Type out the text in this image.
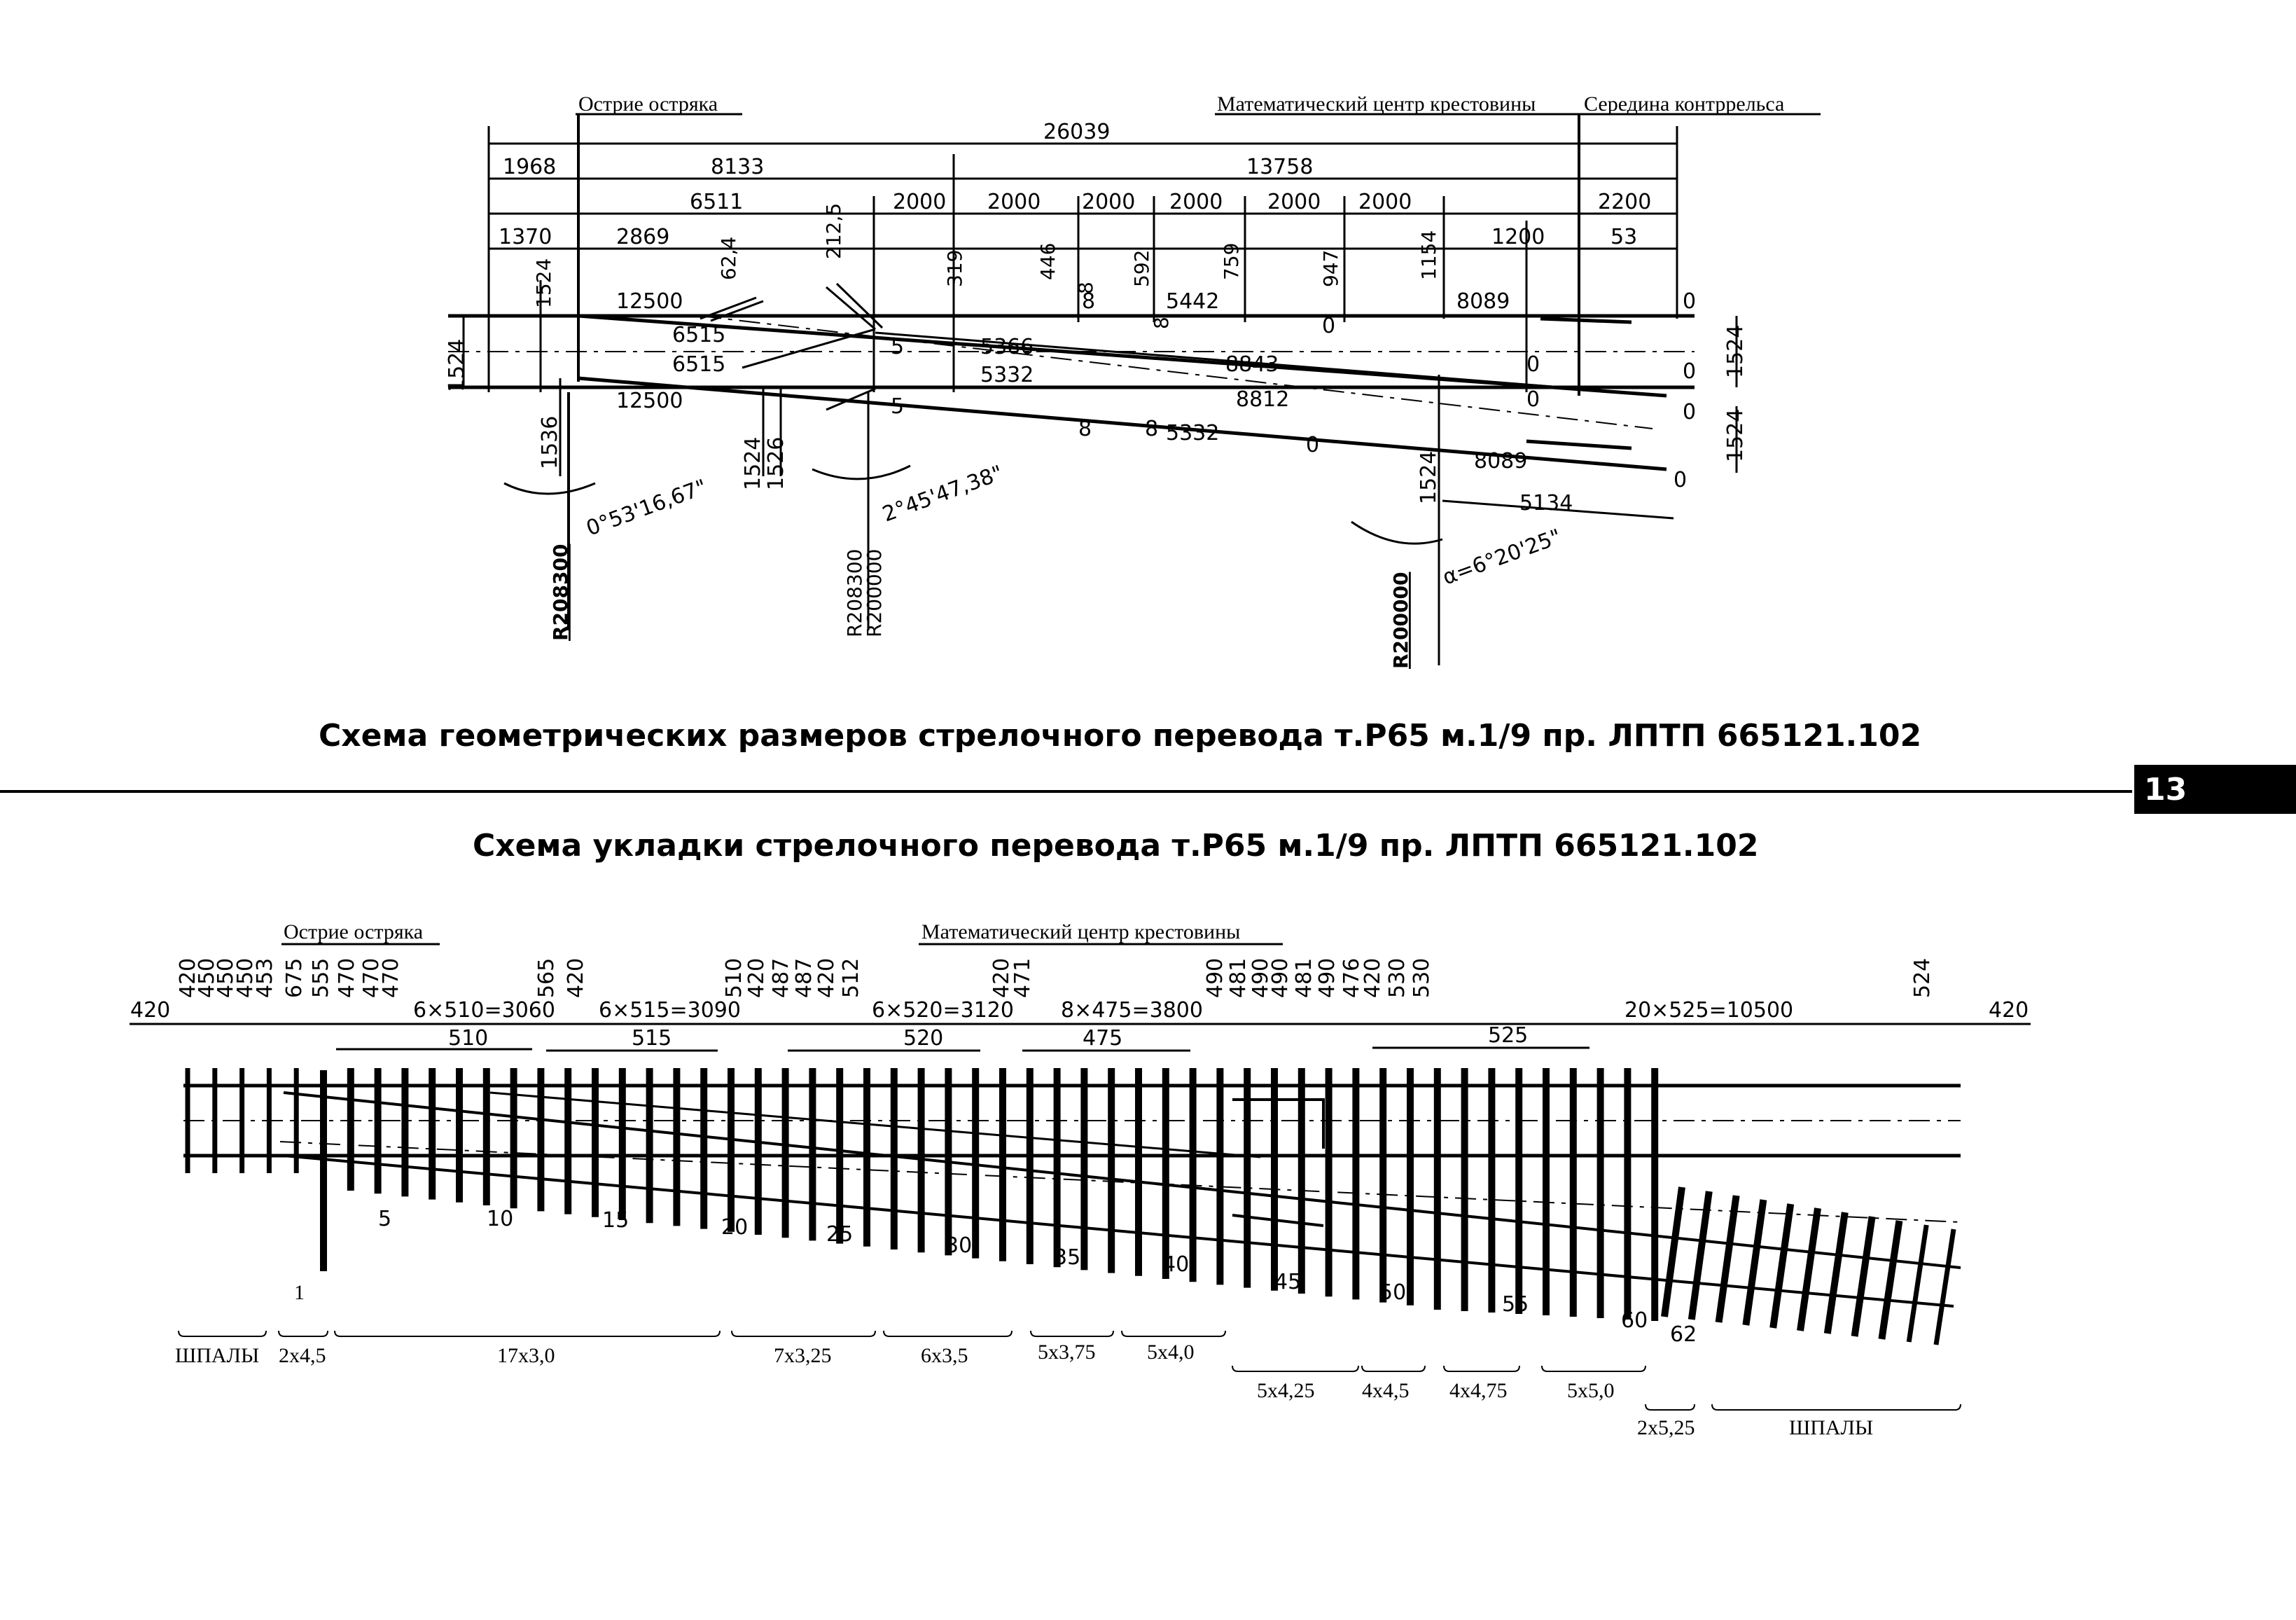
Острие остряка	Математический центр крестовины Середина контррельса
26039
1968	8133	13758
6511	2000 2000 2000 2000 2000 2000	2200
1370	2869	1200	53
1524	62,4	212,5
319	446
8
592	759	947	1154
8
12500
6515
6515
12500
5442
5366
5332	8843
8812
5332
8089
8089
5134
8
8	8
5
5
0
0
0	0
0
0
0
0
1524	1524
1524
1524
1536	1526	1524
0°53'16,67"	2°45'47,38"
α=6°20'25"
R208300	R208300
R200000	R200000
Схема геометрических размеров стрелочного перевода т.Р65 м.1/9 пр. ЛПТП 665121.102
13
Схема укладки стрелочного перевода т.Р65 м.1/9 пр. ЛПТП 665121.102
Острие остряка	Математический центр крестовины
420
450
450
450
453 675 555 470 470
470	565 420	510
420 487
487
420 512	420
471	490
481
490
490 481
490 476
420 530 530	524
420	420
6×510=3060 6×515=3090	6×520=3120 8×475=3800	20×525=10500
510	515	520	475	525
1
5	10	15	20	25	30	35	40
45	50	55
60
62
ШПАЛЫ 2х4,5	17х3,0	7х3,25	6х3,5	5х3,75 5х4,0
5х4,25 4х4,5 4х4,75	5х5,0
2х5,25	ШПАЛЫ
